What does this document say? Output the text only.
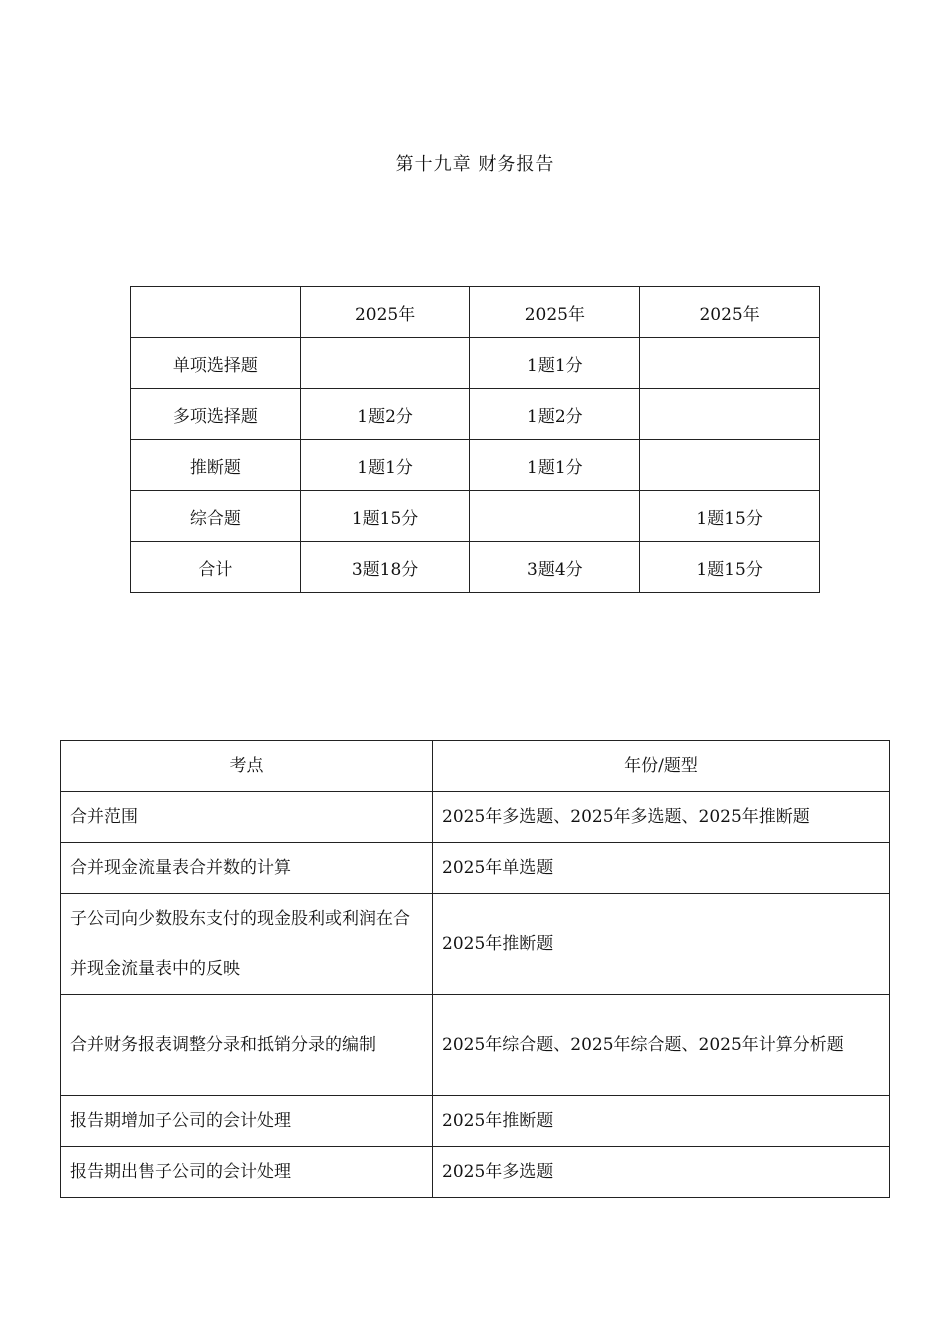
第十九章 财务报告
	2025年	2025年	2025年
单项选择题		1题1分	
多项选择题	1题2分	1题2分	
推断题	1题1分	1题1分	
综合题	1题15分		1题15分
合计	3题18分	3题4分	1题15分
考点	年份/题型
合并范围	2025年多选题、2025年多选题、2025年推断题
合并现金流量表合并数的计算	2025年单选题

子公司向少数股东支付的现金股利或利润在合并现金流量表中的反映	2025年推断题
合并财务报表调整分录和抵销分录的编制	2025年综合题、2025年综合题、2025年计算分析题

报告期增加子公司的会计处理	2025年推断题
报告期出售子公司的会计处理	2025年多选题
